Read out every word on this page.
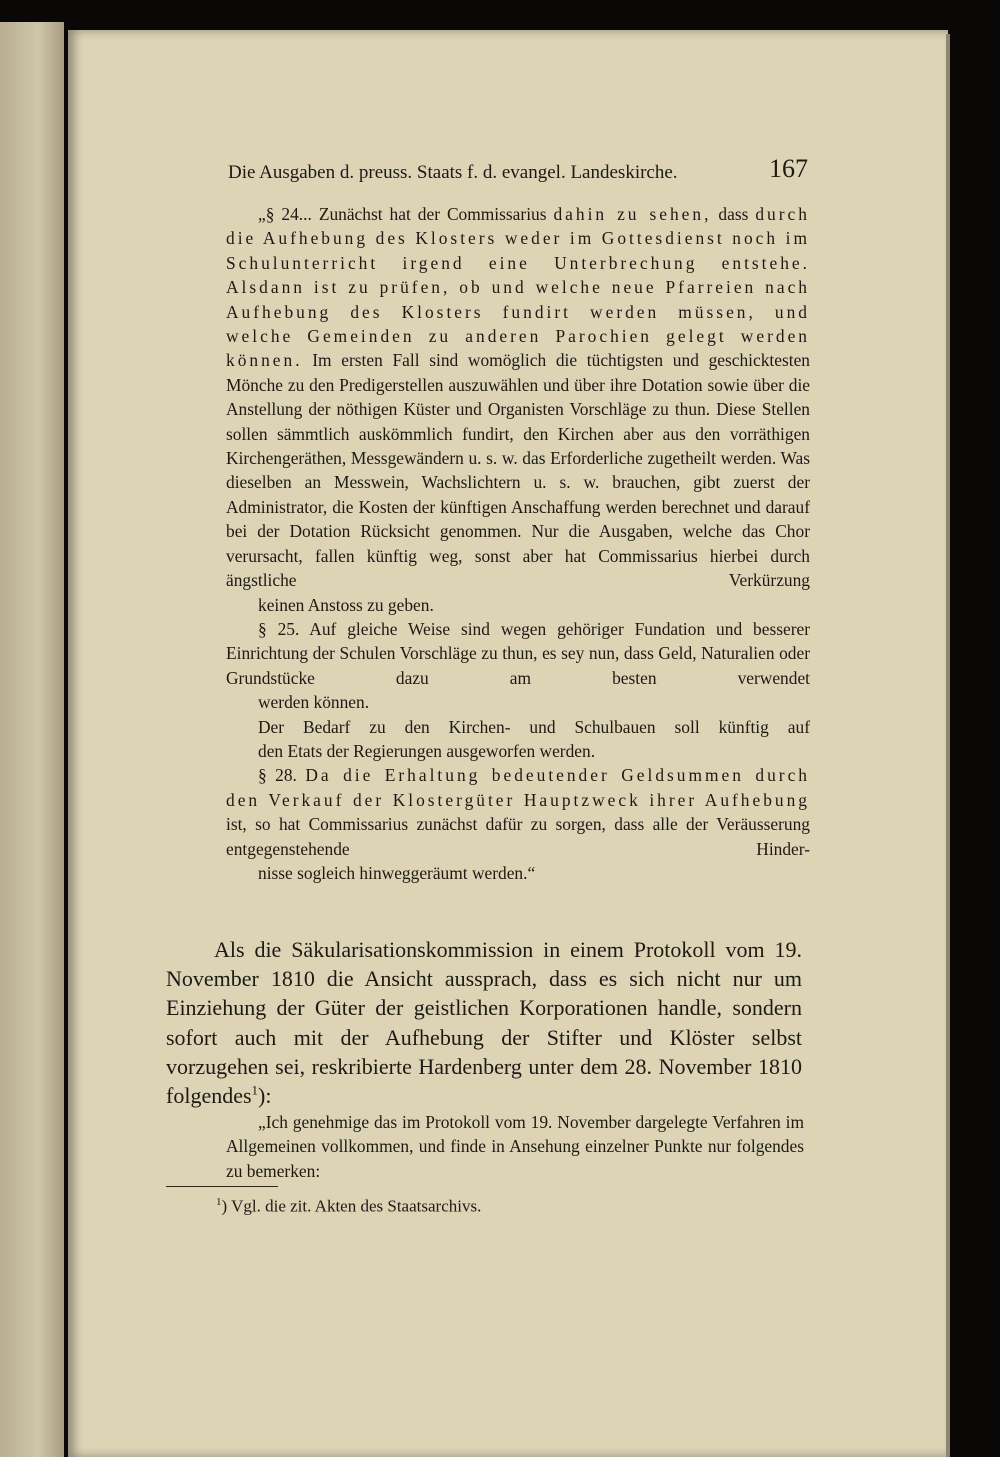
Die Ausgaben d. preuss. Staats f. d. evangel. Landeskirche.	167

„§ 24... Zunächst hat der Commissarius dahin zu sehen, dass durch die Aufhebung des Klosters weder im Gottesdienst noch im Schulunterricht irgend eine Unterbrechung entstehe. Alsdann ist zu prüfen, ob und welche neue Pfarreien nach Aufhebung des Klosters fundirt werden müssen, und welche Gemeinden zu anderen Parochien gelegt werden können. Im ersten Fall sind womöglich die tüchtigsten und geschicktesten Mönche zu den Predigerstellen auszuwählen und über ihre Dotation sowie über die Anstellung der nöthigen Küster und Organisten Vorschläge zu thun. Diese Stellen sollen sämmtlich auskömmlich fundirt, den Kirchen aber aus den vorräthigen Kirchengeräthen, Messgewändern u. s. w. das Erforderliche zugetheilt werden. Was dieselben an Messwein, Wachslichtern u. s. w. brauchen, gibt zuerst der Administrator, die Kosten der künftigen Anschaffung werden berechnet und darauf bei der Dotation Rücksicht genommen. Nur die Ausgaben, welche das Chor verursacht, fallen künftig weg, sonst aber hat Commissarius hierbei durch ängstliche Verkürzung
keinen Anstoss zu geben.

§ 25. Auf gleiche Weise sind wegen gehöriger Fundation und besserer Einrichtung der Schulen Vorschläge zu thun, es sey nun, dass Geld, Naturalien oder Grundstücke dazu am besten verwendet
werden können.

Der Bedarf zu den Kirchen- und Schulbauen soll künftig auf
den Etats der Regierungen ausgeworfen werden.

§ 28. Da die Erhaltung bedeutender Geldsummen durch den Verkauf der Klostergüter Hauptzweck ihrer Aufhebung ist, so hat Commissarius zunächst dafür zu sorgen, dass alle der Veräusserung entgegenstehende Hinder-
nisse sogleich hinweggeräumt werden.“

Als die Säkularisationskommission in einem Protokoll vom 19. November 1810 die Ansicht aussprach, dass es sich nicht nur um Einziehung der Güter der geistlichen Korporationen handle, sondern sofort auch mit der Aufhebung der Stifter und Klöster selbst vorzugehen sei, reskribierte Hardenberg unter dem 28. November 1810 folgendes$^1$):

„Ich genehmige das im Protokoll vom 19. November dargelegte Verfahren im Allgemeinen vollkommen, und finde in Ansehung einzelner Punkte nur folgendes zu bemerken:
$^1$) Vgl. die zit. Akten des Staatsarchivs.
